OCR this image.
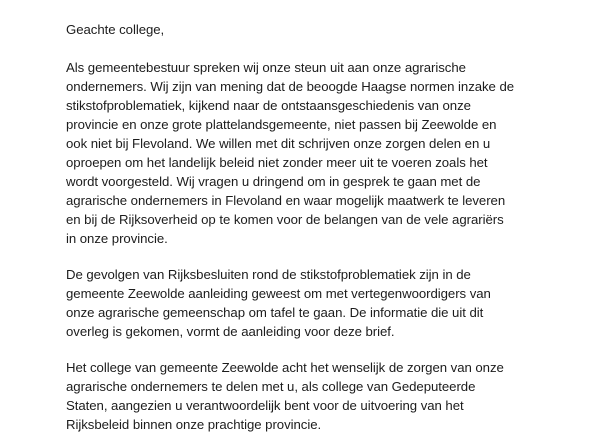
Geachte college,

Als gemeentebestuur spreken wij onze steun uit aan onze agrarische

ondernemers. Wij zijn van mening dat de beoogde Haagse normen inzake de

stikstofproblematiek, kijkend naar de ontstaansgeschiedenis van onze

provincie en onze grote plattelandsgemeente, niet passen bij Zeewolde en

ook niet bij Flevoland. We willen met dit schrijven onze zorgen delen en u

oproepen om het landelijk beleid niet zonder meer uit te voeren zoals het

wordt voorgesteld. Wij vragen u dringend om in gesprek te gaan met de

agrarische ondernemers in Flevoland en waar mogelijk maatwerk te leveren

en bij de Rijksoverheid op te komen voor de belangen van de vele agrariërs

in onze provincie.

De gevolgen van Rijksbesluiten rond de stikstofproblematiek zijn in de

gemeente Zeewolde aanleiding geweest om met vertegenwoordigers van

onze agrarische gemeenschap om tafel te gaan. De informatie die uit dit

overleg is gekomen, vormt de aanleiding voor deze brief.

Het college van gemeente Zeewolde acht het wenselijk de zorgen van onze

agrarische ondernemers te delen met u, als college van Gedeputeerde

Staten, aangezien u verantwoordelijk bent voor de uitvoering van het

Rijksbeleid binnen onze prachtige provincie.
